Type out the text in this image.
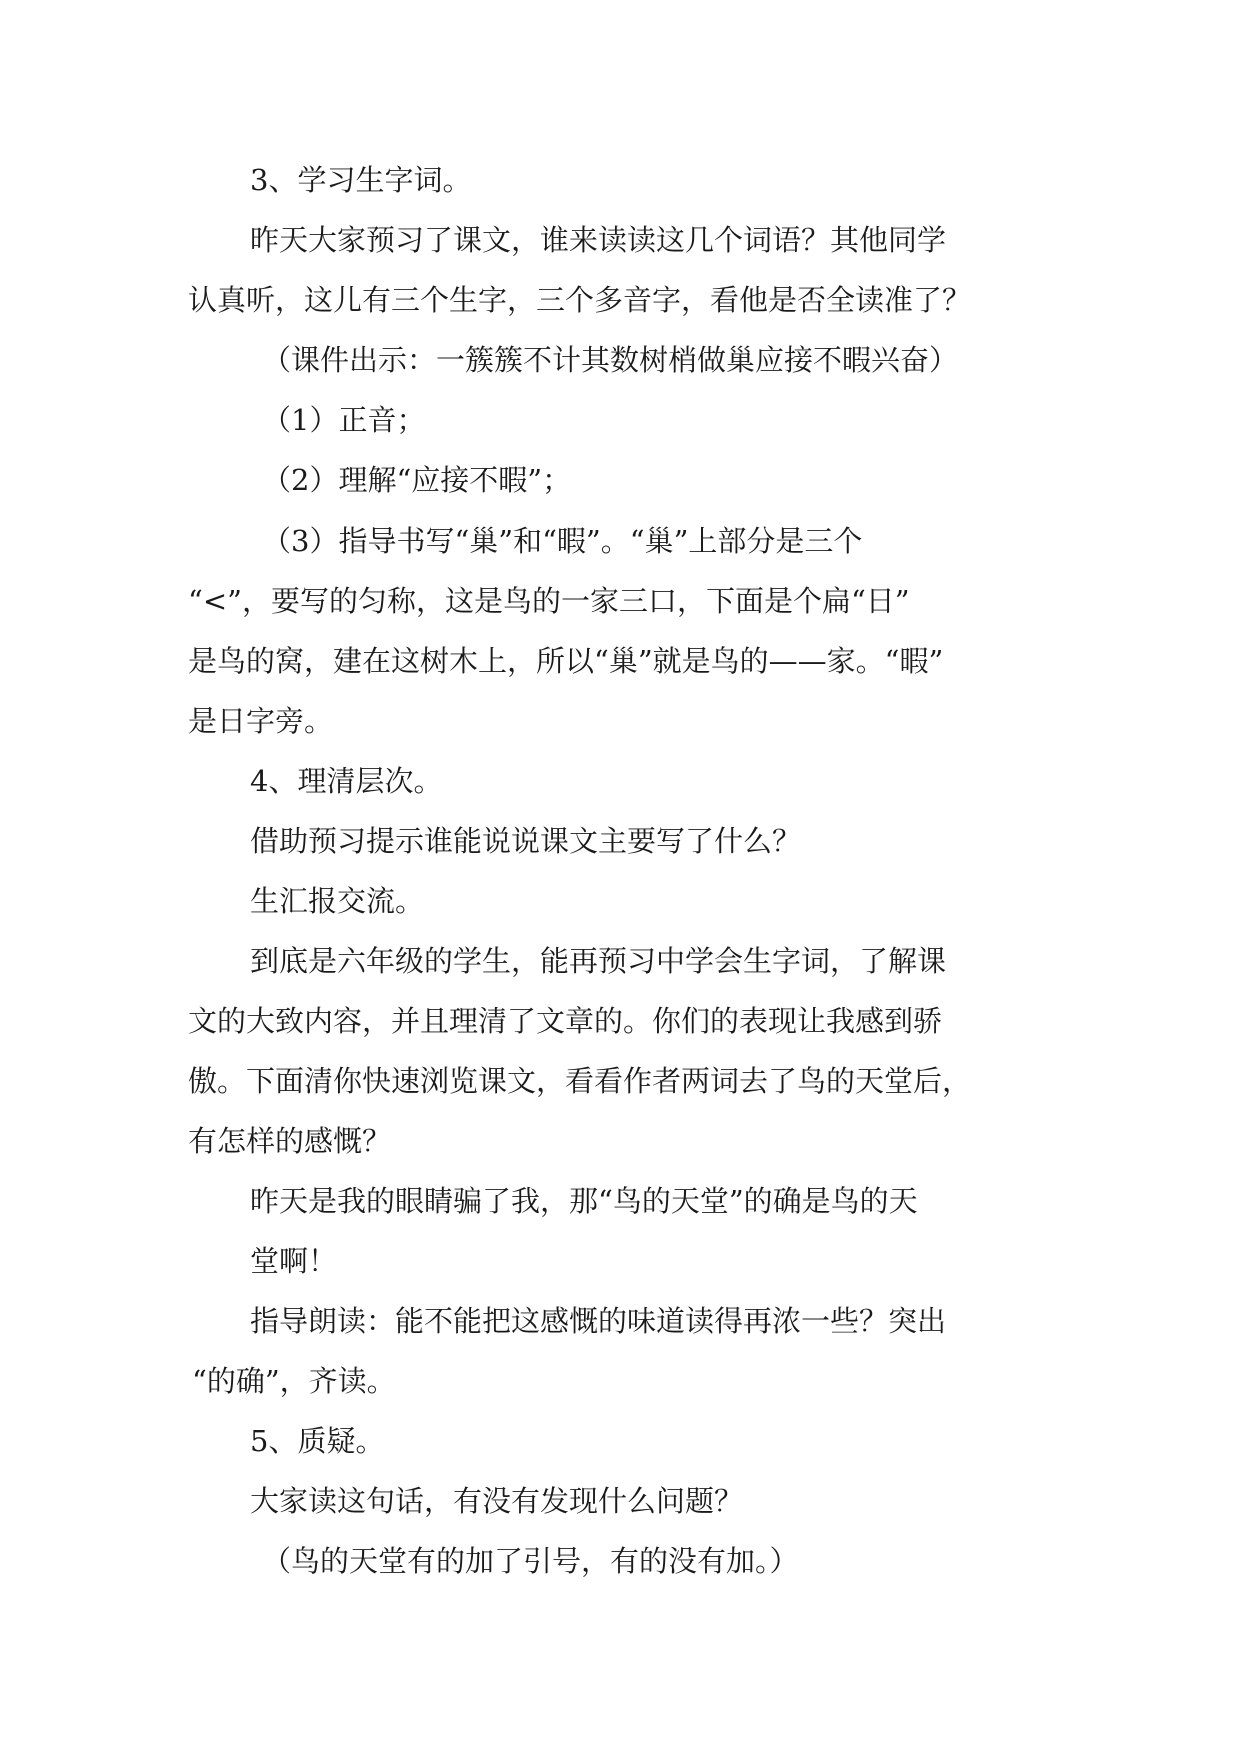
3、学习生字词。
昨天大家预习了课文，谁来读读这几个词语？其他同学
认真听，这儿有三个生字，三个多音字，看他是否全读准了？
（课件出示：一簇簇不计其数树梢做巢应接不暇兴奋）
（1）正音；
（2）理解“应接不暇”；
（3）指导书写“巢”和“暇”。“巢”上部分是三个
“<”，要写的匀称，这是鸟的一家三口，下面是个扁“日”
是鸟的窝，建在这树木上，所以“巢”就是鸟的——家。“暇”
是日字旁。
4、理清层次。
借助预习提示谁能说说课文主要写了什么？
生汇报交流。
到底是六年级的学生，能再预习中学会生字词，了解课
文的大致内容，并且理清了文章的。你们的表现让我感到骄
傲。下面清你快速浏览课文，看看作者两词去了鸟的天堂后，
有怎样的感慨？
昨天是我的眼睛骗了我，那“鸟的天堂”的确是鸟的天
堂啊！
指导朗读：能不能把这感慨的味道读得再浓一些？突出
“的确”，齐读。
5、质疑。
大家读这句话，有没有发现什么问题？
（鸟的天堂有的加了引号，有的没有加。）
